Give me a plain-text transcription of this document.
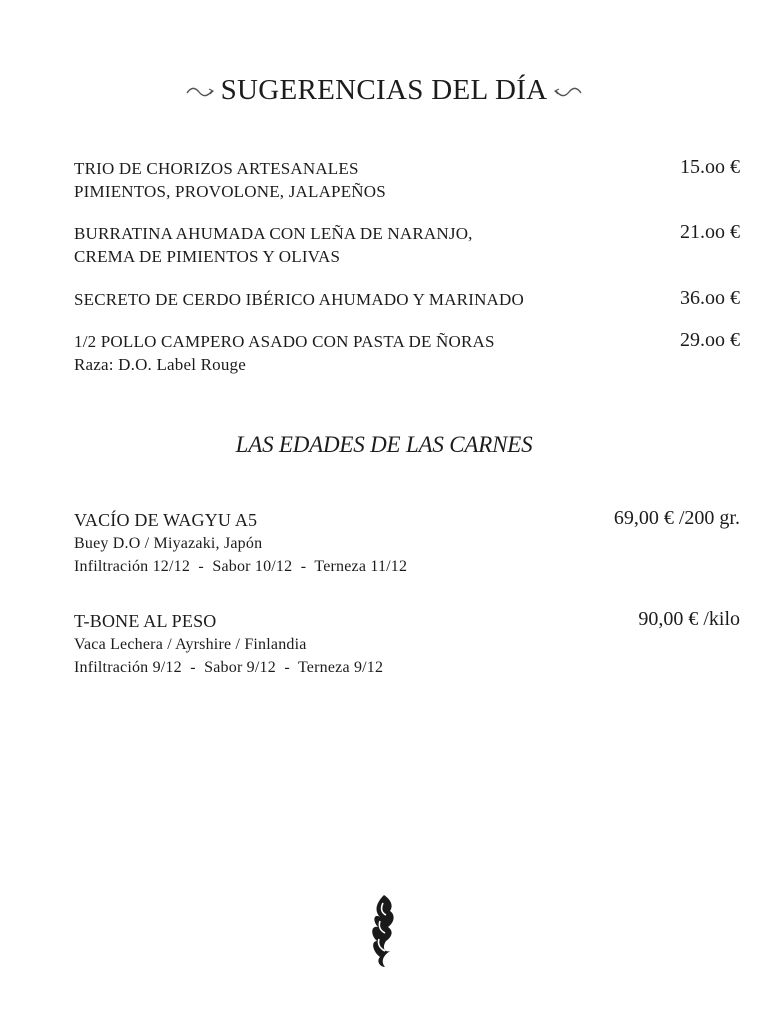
SUGERENCIAS DEL DÍA
TRIO DE CHORIZOS ARTESANALES
PIMIENTOS, PROVOLONE, JALAPEÑOS
15.oo €
BURRATINA AHUMADA CON LEÑA DE NARANJO,
CREMA DE PIMIENTOS Y OLIVAS
21.oo €
SECRETO DE CERDO IBÉRICO AHUMADO Y MARINADO	36.oo €
1/2 POLLO CAMPERO ASADO CON PASTA DE ÑORAS
Raza: D.O. Label Rouge
29.oo €
LAS EDADES DE LAS CARNES
VACÍO DE WAGYU A5
Buey D.O / Miyazaki, Japón
Infiltración 12/12  -  Sabor 10/12  -  Terneza 11/12
69,00 € /200 gr.
T-BONE AL PESO
Vaca Lechera / Ayrshire / Finlandia
Infiltración 9/12  -  Sabor 9/12  -  Terneza 9/12
90,00 € /kilo
